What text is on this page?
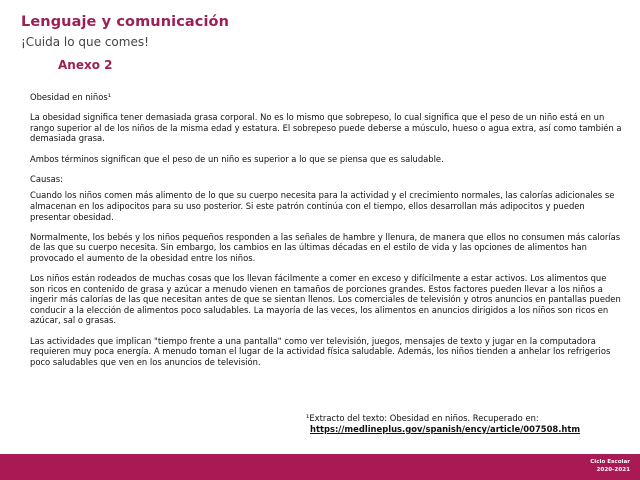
Lenguaje y comunicación
¡Cuida lo que comes!
Anexo 2

Obesidad en niños¹

La obesidad significa tener demasiada grasa corporal. No es lo mismo que sobrepeso, lo cual significa que el peso de un niño está en un rango superior al de los niños de la misma edad y estatura. El sobrepeso puede deberse a músculo, hueso o agua extra, así como también a demasiada grasa.

Ambos términos significan que el peso de un niño es superior a lo que se piensa que es saludable.

Causas:

Cuando los niños comen más alimento de lo que su cuerpo necesita para la actividad y el crecimiento normales, las calorías adicionales se almacenan en los adipocitos para su uso posterior. Si este patrón continúa con el tiempo, ellos desarrollan más adipocitos y pueden presentar obesidad.

Normalmente, los bebés y los niños pequeños responden a las señales de hambre y llenura, de manera que ellos no consumen más calorías de las que su cuerpo necesita. Sin embargo, los cambios en las últimas décadas en el estilo de vida y las opciones de alimentos han provocado el aumento de la obesidad entre los niños.

Los niños están rodeados de muchas cosas que los llevan fácilmente a comer en exceso y difícilmente a estar activos. Los alimentos que son ricos en contenido de grasa y azúcar a menudo vienen en tamaños de porciones grandes. Estos factores pueden llevar a los niños a ingerir más calorías de las que necesitan antes de que se sientan llenos. Los comerciales de televisión y otros anuncios en pantallas pueden conducir a la elección de alimentos poco saludables. La mayoría de las veces, los alimentos en anuncios dirigidos a los niños son ricos en azúcar, sal o grasas.

Las actividades que implican "tiempo frente a una pantalla" como ver televisión, juegos, mensajes de texto y jugar en la computadora requieren muy poca energía. A menudo toman el lugar de la actividad física saludable. Además, los niños tienden a anhelar los refrigerios poco saludables que ven en los anuncios de televisión.

¹Extracto del texto: Obesidad en niños. Recuperado en:
https://medlineplus.gov/spanish/ency/article/007508.htm
Ciclo Escolar
2020-2021
